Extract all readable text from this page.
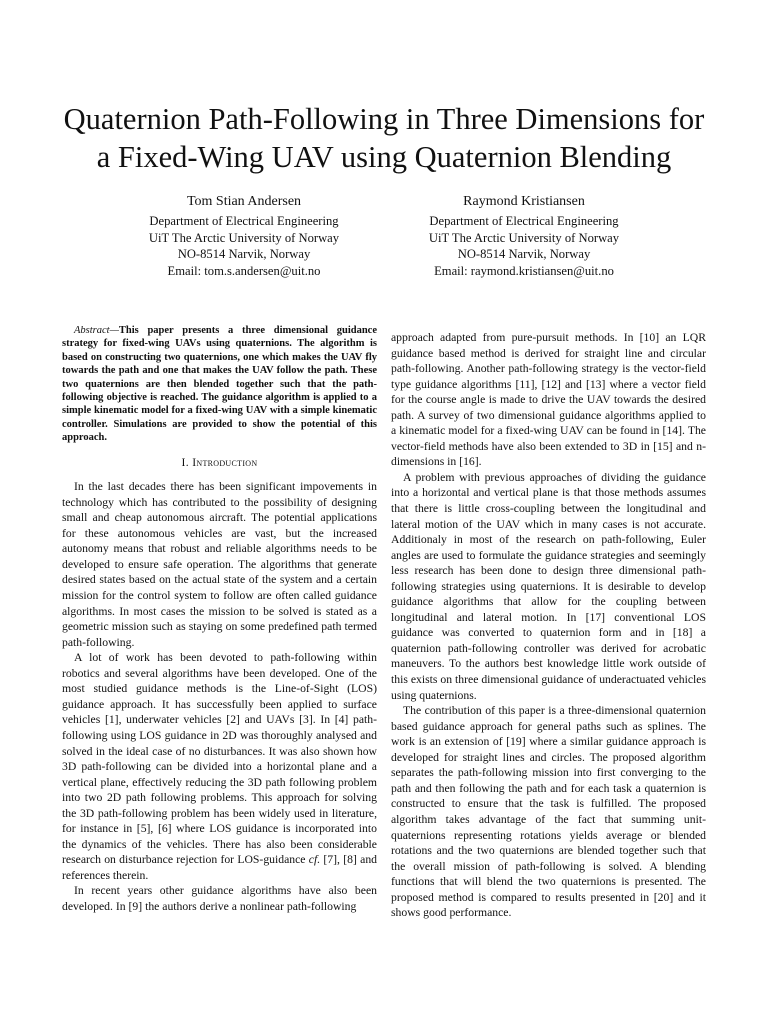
Quaternion Path-Following in Three Dimensions for
a Fixed-Wing UAV using Quaternion Blending
Tom Stian Andersen
Department of Electrical Engineering
UiT The Arctic University of Norway
NO-8514 Narvik, Norway
Email: tom.s.andersen@uit.no
Raymond Kristiansen
Department of Electrical Engineering
UiT The Arctic University of Norway
NO-8514 Narvik, Norway
Email: raymond.kristiansen@uit.no

Abstract—This paper presents a three dimensional guidance strategy for fixed-wing UAVs using quaternions. The algorithm is based on constructing two quaternions, one which makes the UAV fly towards the path and one that makes the UAV follow the path. These two quaternions are then blended together such that the path-following objective is reached. The guidance algorithm is applied to a simple kinematic model for a fixed-wing UAV with a simple kinematic controller. Simulations are provided to show the potential of this approach.

I. Introduction

In the last decades there has been significant impovements in technology which has contributed to the possibility of designing small and cheap autonomous aircraft. The potential applications for these autonomous vehicles are vast, but the increased autonomy means that robust and reliable algorithms needs to be developed to ensure safe operation. The algorithms that generate desired states based on the actual state of the system and a certain mission for the control system to follow are often called guidance algorithms. In most cases the mission to be solved is stated as a geometric mission such as staying on some predefined path termed path-following.

A lot of work has been devoted to path-following within robotics and several algorithms have been developed. One of the most studied guidance methods is the Line-of-Sight (LOS) guidance approach. It has successfully been applied to surface vehicles [1], underwater vehicles [2] and UAVs [3]. In [4] path-following using LOS guidance in 2D was thoroughly analysed and solved in the ideal case of no disturbances. It was also shown how 3D path-following can be divided into a horizontal plane and a vertical plane, effectively reducing the 3D path following problem into two 2D path following problems. This approach for solving the 3D path-following problem has been widely used in literature, for instance in [5], [6] where LOS guidance is incorporated into the dynamics of the vehicles. There has also been considerable research on disturbance rejection for LOS-guidance cf. [7], [8] and references therein.

In recent years other guidance algorithms have also been developed. In [9] the authors derive a nonlinear path-following

approach adapted from pure-pursuit methods. In [10] an LQR guidance based method is derived for straight line and circular path-following. Another path-following strategy is the vector-field type guidance algorithms [11], [12] and [13] where a vector field for the course angle is made to drive the UAV towards the desired path. A survey of two dimensional guidance algorithms applied to a kinematic model for a fixed-wing UAV can be found in [14]. The vector-field methods have also been extended to 3D in [15] and n-dimensions in [16].

A problem with previous approaches of dividing the guidance into a horizontal and vertical plane is that those methods assumes that there is little cross-coupling between the longitudinal and lateral motion of the UAV which in many cases is not accurate. Additionaly in most of the research on path-following, Euler angles are used to formulate the guidance strategies and seemingly less research has been done to design three dimensional path-following strategies using quaternions. It is desirable to develop guidance algorithms that allow for the coupling between longitudinal and lateral motion. In [17] conventional LOS guidance was converted to quaternion form and in [18] a quaternion path-following controller was derived for acrobatic maneuvers. To the authors best knowledge little work outside of this exists on three dimensional guidance of underactuated vehicles using quaternions.

The contribution of this paper is a three-dimensional quaternion based guidance approach for general paths such as splines. The work is an extension of [19] where a similar guidance approach is developed for straight lines and circles. The proposed algorithm separates the path-following mission into first converging to the path and then following the path and for each task a quaternion is constructed to ensure that the task is fulfilled. The proposed algorithm takes advantage of the fact that summing unit-quaternions representing rotations yields average or blended rotations and the two quaternions are blended together such that the overall mission of path-following is solved. A blending functions that will blend the two quaternions is presented. The proposed method is compared to results presented in [20] and it shows good performance.
